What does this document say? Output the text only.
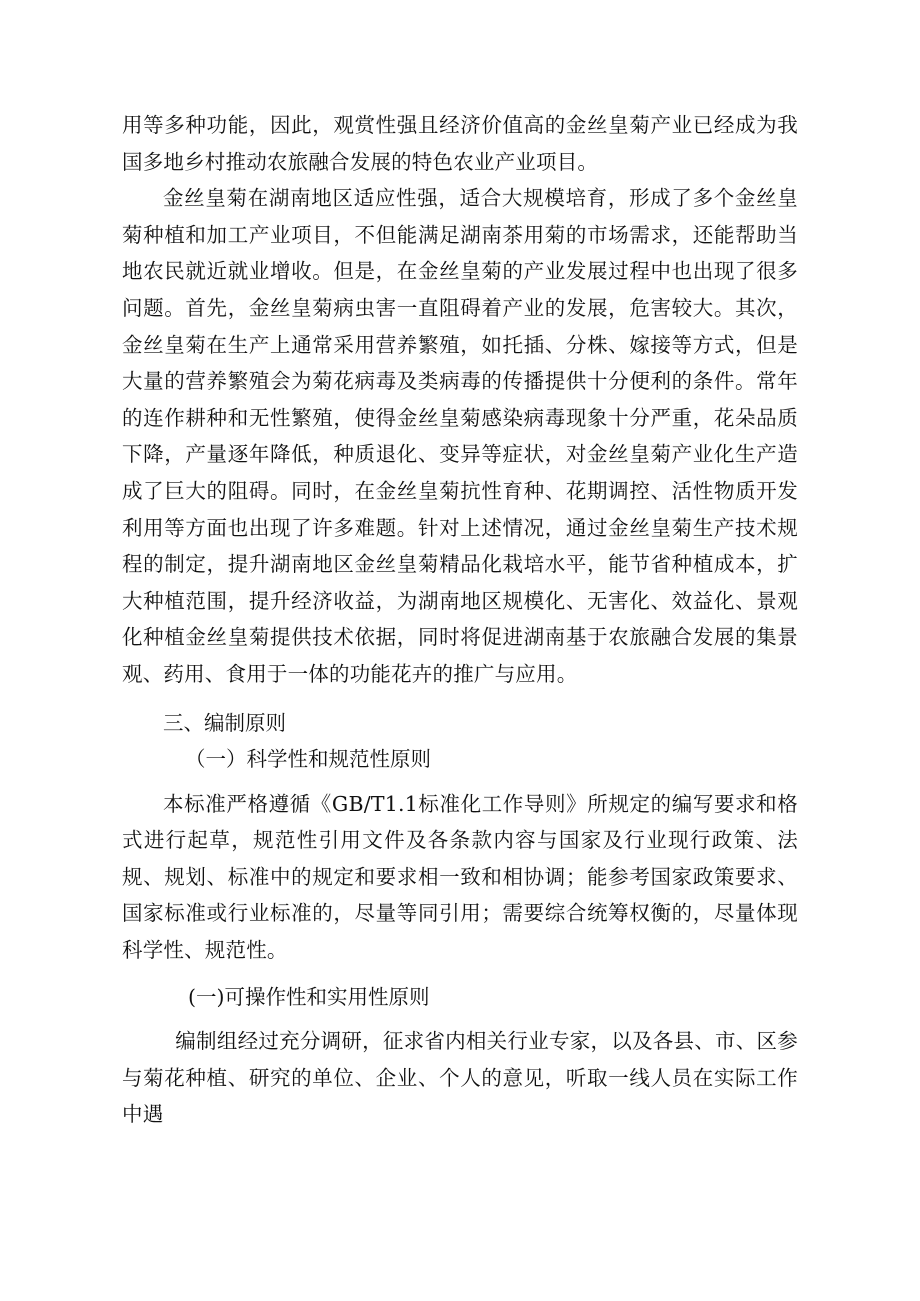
用等多种功能，因此，观赏性强且经济价值高的金丝皇菊产业已经成为我国多地乡村推动农旅融合发展的特色农业产业项目。

金丝皇菊在湖南地区适应性强，适合大规模培育，形成了多个金丝皇菊种植和加工产业项目，不但能满足湖南茶用菊的市场需求，还能帮助当地农民就近就业增收。但是，在金丝皇菊的产业发展过程中也出现了很多问题。首先，金丝皇菊病虫害一直阻碍着产业的发展，危害较大。其次，金丝皇菊在生产上通常采用营养繁殖，如托插、分株、嫁接等方式，但是大量的营养繁殖会为菊花病毒及类病毒的传播提供十分便利的条件。常年的连作耕种和无性繁殖，使得金丝皇菊感染病毒现象十分严重，花朵品质下降，产量逐年降低，种质退化、变异等症状，对金丝皇菊产业化生产造成了巨大的阻碍。同时，在金丝皇菊抗性育种、花期调控、活性物质开发利用等方面也出现了许多难题。针对上述情况，通过金丝皇菊生产技术规程的制定，提升湖南地区金丝皇菊精品化栽培水平，能节省种植成本，扩大种植范围，提升经济收益，为湖南地区规模化、无害化、效益化、景观化种植金丝皇菊提供技术依据，同时将促进湖南基于农旅融合发展的集景观、药用、食用于一体的功能花卉的推广与应用。

三、编制原则

（一）科学性和规范性原则

本标准严格遵循《GB/T1.1标准化工作导则》所规定的编写要求和格式进行起草，规范性引用文件及各条款内容与国家及行业现行政策、法规、规划、标准中的规定和要求相一致和相协调；能参考国家政策要求、国家标准或行业标准的，尽量等同引用；需要综合统筹权衡的，尽量体现科学性、规范性。

(一)可操作性和实用性原则

编制组经过充分调研，征求省内相关行业专家，以及各县、市、区参与菊花种植、研究的单位、企业、个人的意见，听取一线人员在实际工作中遇
